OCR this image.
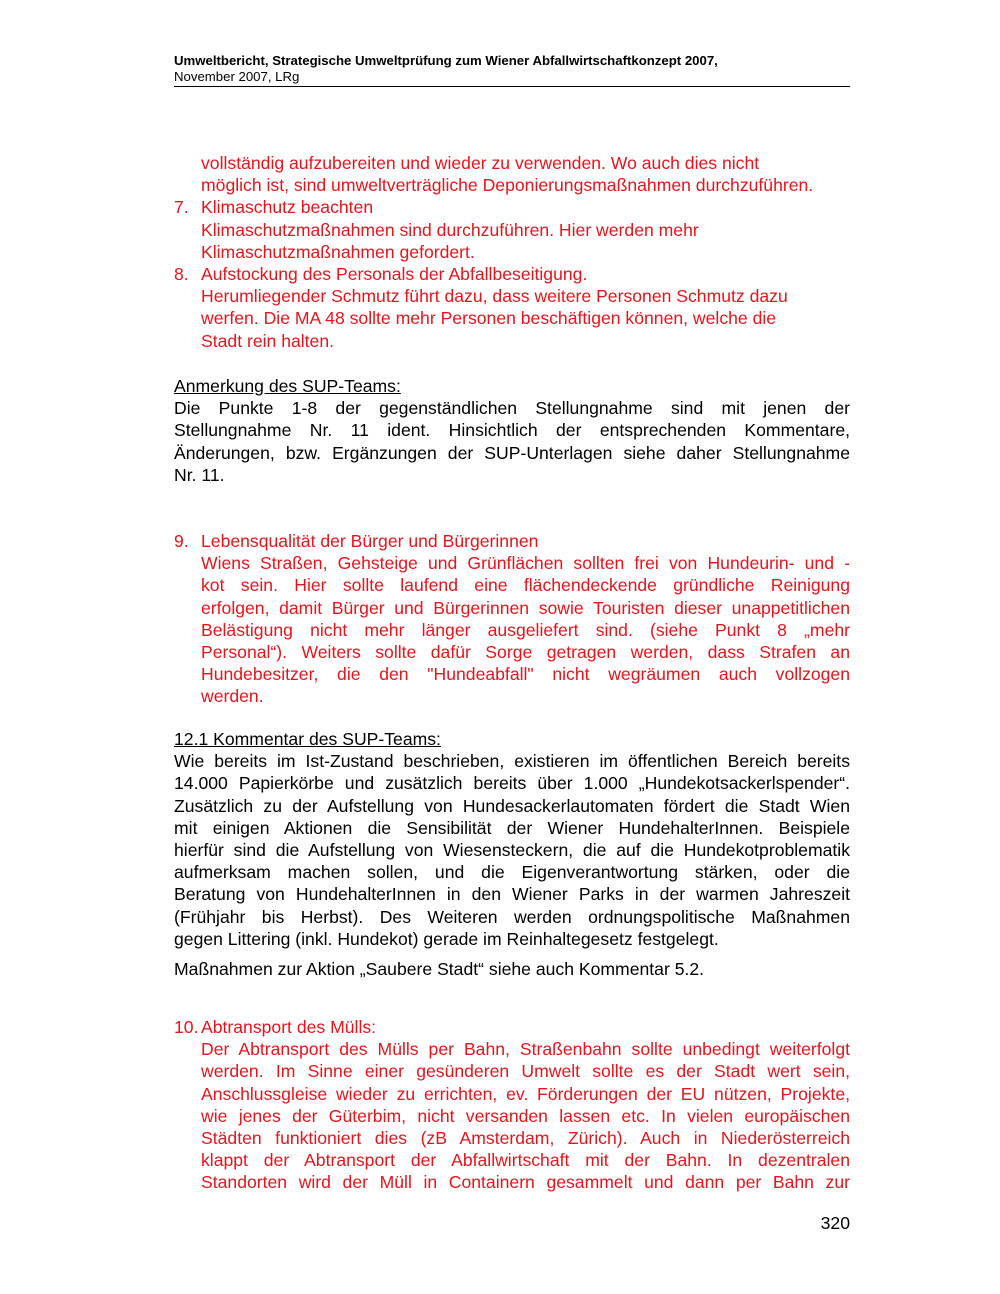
Umweltbericht, Strategische Umweltprüfung zum Wiener Abfallwirtschaftkonzept 2007,
November 2007, LRg
vollständig aufzubereiten und wieder zu verwenden. Wo auch dies nicht
möglich ist, sind umweltverträgliche Deponierungsmaßnahmen durchzuführen.
7. Klimaschutz beachten
Klimaschutzmaßnahmen sind durchzuführen. Hier werden mehr
Klimaschutzmaßnahmen gefordert.
8. Aufstockung des Personals der Abfallbeseitigung.
Herumliegender Schmutz führt dazu, dass weitere Personen Schmutz dazu
werfen. Die MA 48 sollte mehr Personen beschäftigen können, welche die
Stadt rein halten.
Anmerkung des SUP-Teams:
Die Punkte 1-8 der gegenständlichen Stellungnahme sind mit jenen der
Stellungnahme Nr. 11 ident. Hinsichtlich der entsprechenden Kommentare,
Änderungen, bzw. Ergänzungen der SUP-Unterlagen siehe daher Stellungnahme
Nr. 11.
9. Lebensqualität der Bürger und Bürgerinnen
Wiens Straßen, Gehsteige und Grünflächen sollten frei von Hundeurin- und -
kot sein. Hier sollte laufend eine flächendeckende gründliche Reinigung
erfolgen, damit Bürger und Bürgerinnen sowie Touristen dieser unappetitlichen
Belästigung nicht mehr länger ausgeliefert sind. (siehe Punkt 8 „mehr
Personal“). Weiters sollte dafür Sorge getragen werden, dass Strafen an
Hundebesitzer, die den "Hundeabfall" nicht wegräumen auch vollzogen
werden.
12.1 Kommentar des SUP-Teams:
Wie bereits im Ist-Zustand beschrieben, existieren im öffentlichen Bereich bereits
14.000 Papierkörbe und zusätzlich bereits über 1.000 „Hundekotsackerlspender“.
Zusätzlich zu der Aufstellung von Hundesackerlautomaten fördert die Stadt Wien
mit einigen Aktionen die Sensibilität der Wiener HundehalterInnen. Beispiele
hierfür sind die Aufstellung von Wiesensteckern, die auf die Hundekotproblematik
aufmerksam machen sollen, und die Eigenverantwortung stärken, oder die
Beratung von HundehalterInnen in den Wiener Parks in der warmen Jahreszeit
(Frühjahr bis Herbst). Des Weiteren werden ordnungspolitische Maßnahmen
gegen Littering (inkl. Hundekot) gerade im Reinhaltegesetz festgelegt.
Maßnahmen zur Aktion „Saubere Stadt“ siehe auch Kommentar 5.2.
10. Abtransport des Mülls:
Der Abtransport des Mülls per Bahn, Straßenbahn sollte unbedingt weiterfolgt
werden. Im Sinne einer gesünderen Umwelt sollte es der Stadt wert sein,
Anschlussgleise wieder zu errichten, ev. Förderungen der EU nützen, Projekte,
wie jenes der Güterbim, nicht versanden lassen etc. In vielen europäischen
Städten funktioniert dies (zB Amsterdam, Zürich). Auch in Niederösterreich
klappt der Abtransport der Abfallwirtschaft mit der Bahn. In dezentralen
Standorten wird der Müll in Containern gesammelt und dann per Bahn zur
320
